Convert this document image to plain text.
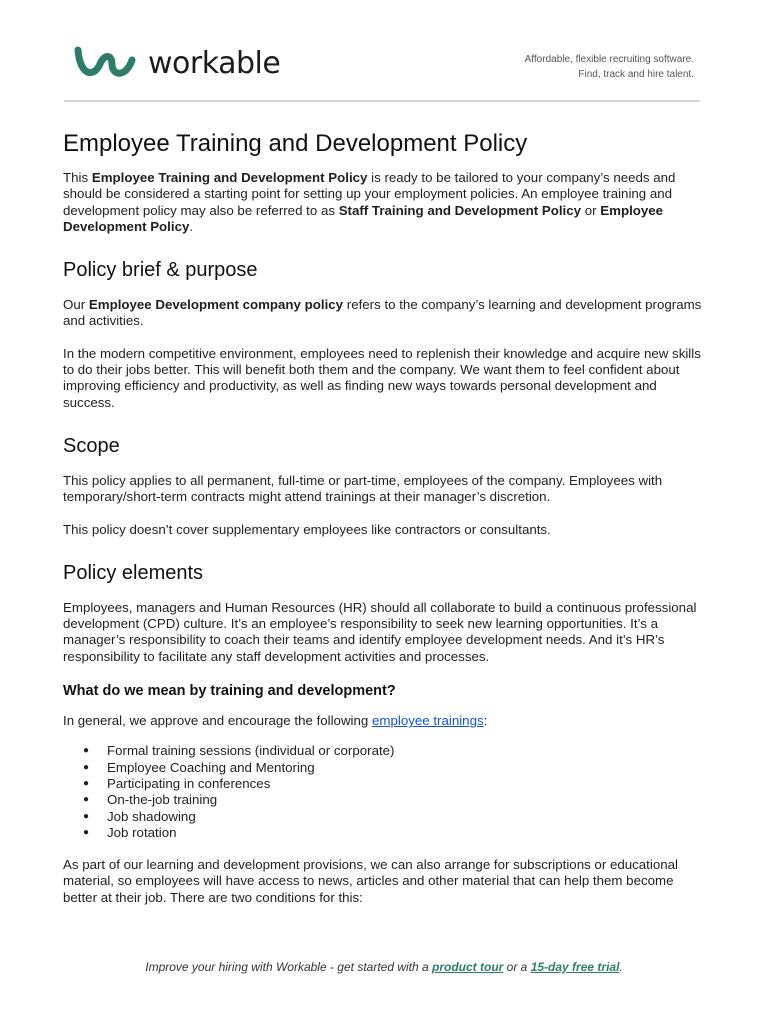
workable	Affordable, flexible recruiting software.
Find, track and hire talent.
Employee Training and Development Policy

This Employee Training and Development Policy is ready to be tailored to your company’s needs and should be considered a starting point for setting up your employment policies. An employee training and development policy may also be referred to as Staff Training and Development Policy or Employee Development Policy.

Policy brief & purpose

Our Employee Development company policy refers to the company’s learning and development programs and activities.

In the modern competitive environment, employees need to replenish their knowledge and acquire new skills to do their jobs better. This will benefit both them and the company. We want them to feel confident about improving efficiency and productivity, as well as finding new ways towards personal development and success.

Scope

This policy applies to all permanent, full-time or part-time, employees of the company. Employees with temporary/short-term contracts might attend trainings at their manager’s discretion.

This policy doesn’t cover supplementary employees like contractors or consultants.

Policy elements

Employees, managers and Human Resources (HR) should all collaborate to build a continuous professional development (CPD) culture. It’s an employee’s responsibility to seek new learning opportunities. It’s a manager’s responsibility to coach their teams and identify employee development needs. And it’s HR’s responsibility to facilitate any staff development activities and processes.

What do we mean by training and development?

In general, we approve and encourage the following employee trainings:

● Formal training sessions (individual or corporate)
● Employee Coaching and Mentoring
● Participating in conferences
● On-the-job training
● Job shadowing
● Job rotation

As part of our learning and development provisions, we can also arrange for subscriptions or educational material, so employees will have access to news, articles and other material that can help them become better at their job. There are two conditions for this:

Improve your hiring with Workable - get started with a product tour or a 15-day free trial.
